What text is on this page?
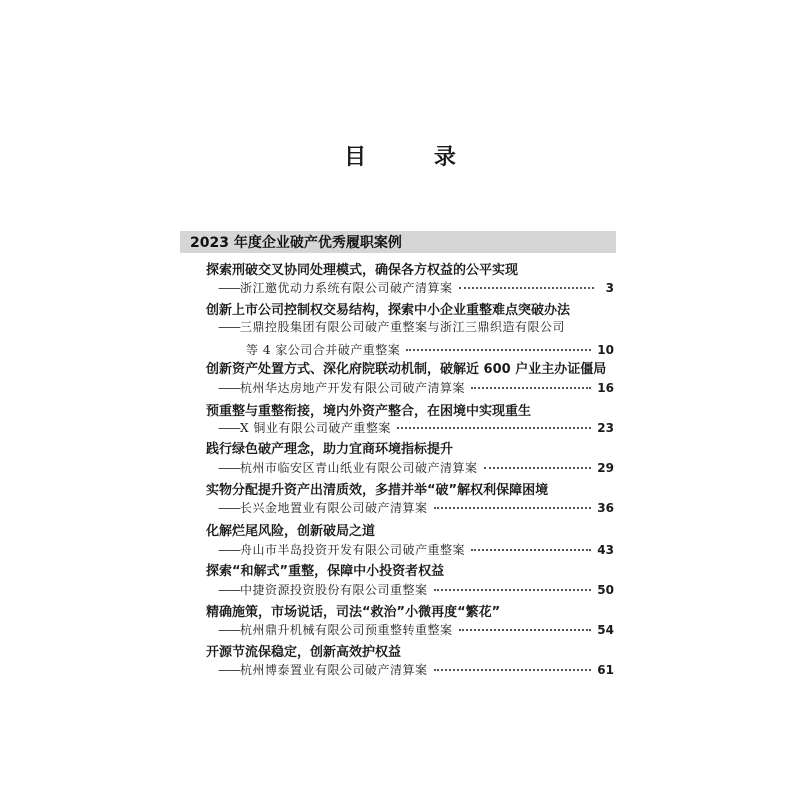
目 录
2023 年度企业破产优秀履职案例
探索刑破交叉协同处理模式，确保各方权益的公平实现
—— 浙江邀优动力系统有限公司破产清算案	3
创新上市公司控制权交易结构，探索中小企业重整难点突破办法
—— 三鼎控股集团有限公司破产重整案与浙江三鼎织造有限公司
等 4 家公司合并破产重整案	10
创新资产处置方式、深化府院联动机制，破解近 600 户业主办证僵局
—— 杭州华达房地产开发有限公司破产清算案	16
预重整与重整衔接，境内外资产整合，在困境中实现重生
—— X 铜业有限公司破产重整案	23
践行绿色破产理念，助力宜商环境指标提升
—— 杭州市临安区青山纸业有限公司破产清算案	29
实物分配提升资产出清质效，多措并举“破”解权利保障困境
—— 长兴金地置业有限公司破产清算案	36
化解烂尾风险，创新破局之道
—— 舟山市半岛投资开发有限公司破产重整案	43
探索“和解式”重整，保障中小投资者权益
—— 中捷资源投资股份有限公司重整案	50
精确施策，市场说话，司法“救治”小微再度“繁花”
—— 杭州鼎升机械有限公司预重整转重整案	54
开源节流保稳定，创新高效护权益
—— 杭州博泰置业有限公司破产清算案	61
